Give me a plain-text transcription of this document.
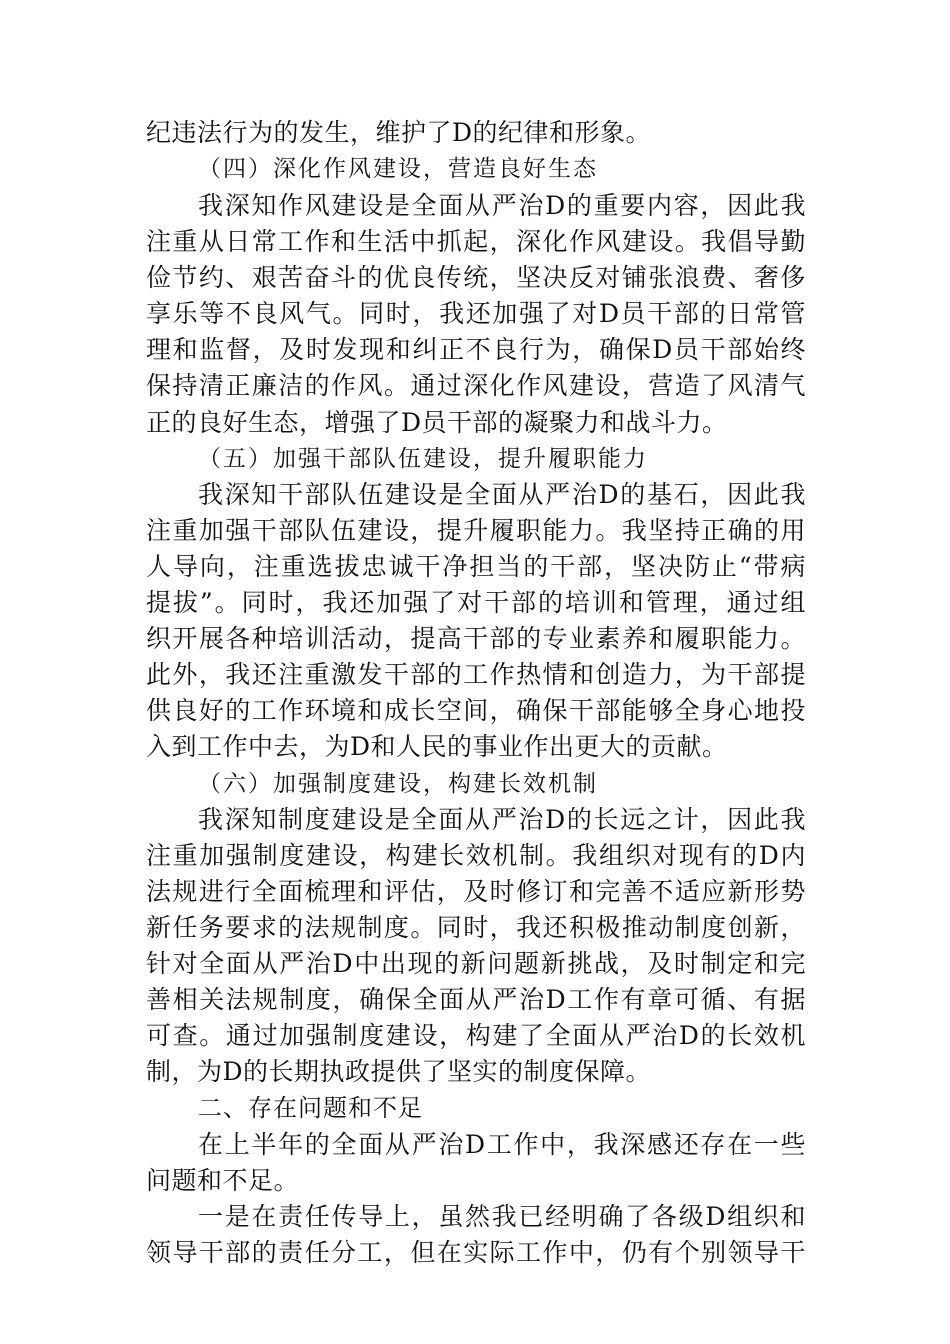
纪违法行为的发生，维护了D的纪律和形象。
（四）深化作风建设，营造良好生态
我深知作风建设是全面从严治D的重要内容，因此我
注重从日常工作和生活中抓起，深化作风建设。我倡导勤
俭节约、艰苦奋斗的优良传统，坚决反对铺张浪费、奢侈
享乐等不良风气。同时，我还加强了对D员干部的日常管
理和监督，及时发现和纠正不良行为，确保D员干部始终
保持清正廉洁的作风。通过深化作风建设，营造了风清气
正的良好生态，增强了D员干部的凝聚力和战斗力。
（五）加强干部队伍建设，提升履职能力
我深知干部队伍建设是全面从严治D的基石，因此我
注重加强干部队伍建设，提升履职能力。我坚持正确的用
人导向，注重选拔忠诚干净担当的干部，坚决防止“带病
提拔”。同时，我还加强了对干部的培训和管理，通过组
织开展各种培训活动，提高干部的专业素养和履职能力。
此外，我还注重激发干部的工作热情和创造力，为干部提
供良好的工作环境和成长空间，确保干部能够全身心地投
入到工作中去，为D和人民的事业作出更大的贡献。
（六）加强制度建设，构建长效机制
我深知制度建设是全面从严治D的长远之计，因此我
注重加强制度建设，构建长效机制。我组织对现有的D内
法规进行全面梳理和评估，及时修订和完善不适应新形势
新任务要求的法规制度。同时，我还积极推动制度创新，
针对全面从严治D中出现的新问题新挑战，及时制定和完
善相关法规制度，确保全面从严治D工作有章可循、有据
可查。通过加强制度建设，构建了全面从严治D的长效机
制，为D的长期执政提供了坚实的制度保障。
二、存在问题和不足
在上半年的全面从严治D工作中，我深感还存在一些
问题和不足。
一是在责任传导上，虽然我已经明确了各级D组织和
领导干部的责任分工，但在实际工作中，仍有个别领导干
